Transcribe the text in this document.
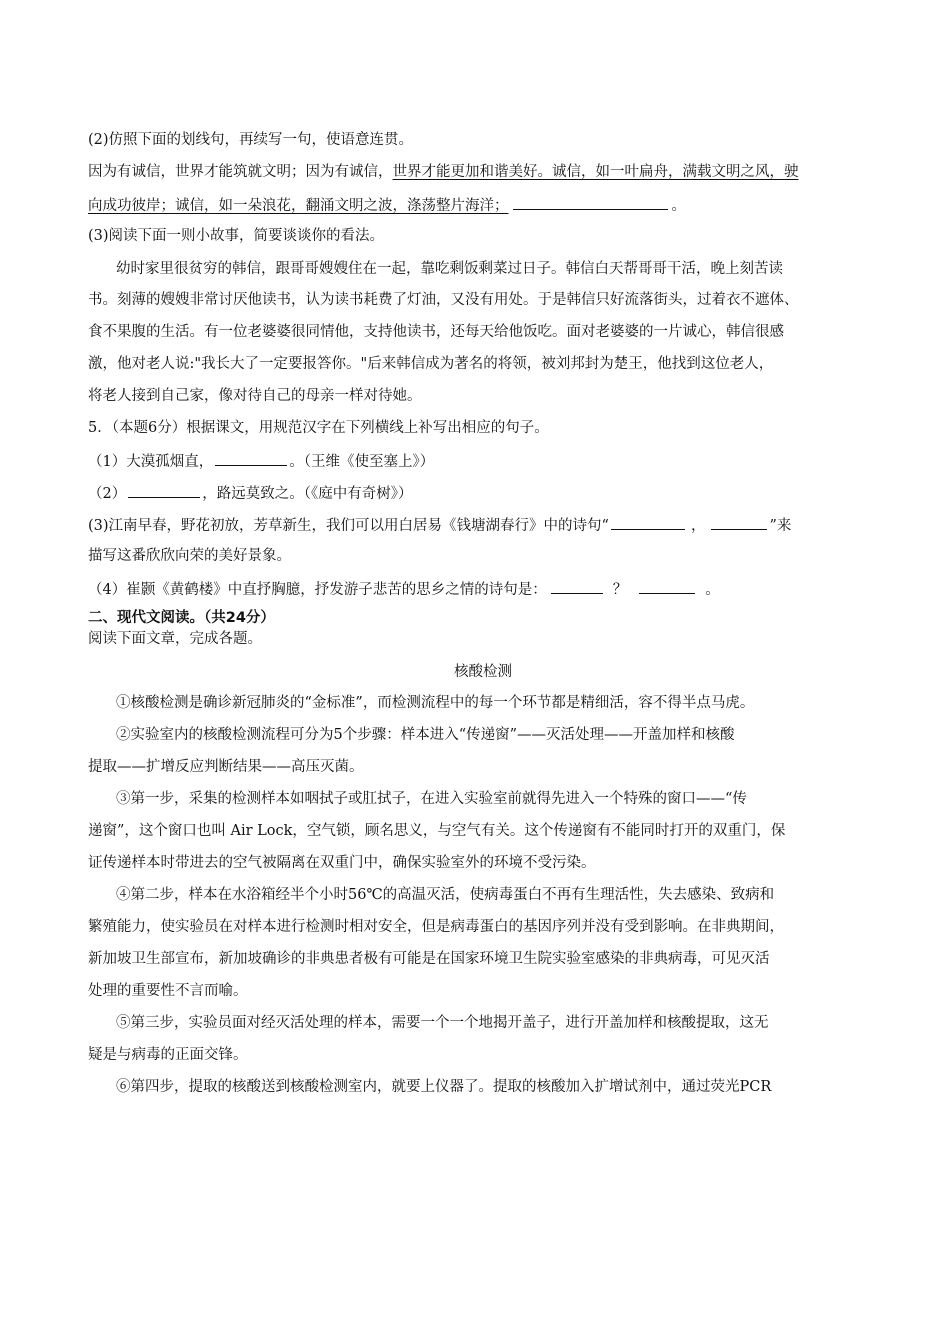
(2)仿照下面的划线句，再续写一句，使语意连贯。
因为有诚信，世界才能筑就文明；因为有诚信，世界才能更加和谐美好。诚信，如一叶扁舟，满载文明之风，驶
向成功彼岸；诚信，如一朵浪花，翻涌文明之波，涤荡整片海洋；	。
(3)阅读下面一则小故事，简要谈谈你的看法。
幼时家里很贫穷的韩信，跟哥哥嫂嫂住在一起，靠吃剩饭剩菜过日子。韩信白天帮哥哥干活，晚上刻苦读
书。刻薄的嫂嫂非常讨厌他读书，认为读书耗费了灯油，又没有用处。于是韩信只好流落街头，过着衣不遮体、
食不果腹的生活。有一位老婆婆很同情他，支持他读书，还每天给他饭吃。面对老婆婆的一片诚心，韩信很感
激，他对老人说:"我长大了一定要报答你。"后来韩信成为著名的将领，被刘邦封为楚王，他找到这位老人，
将老人接到自己家，像对待自己的母亲一样对待她。
5．（本题6分）根据课文，用规范汉字在下列横线上补写出相应的句子。
（1）大漠孤烟直，	。（王维《使至塞上》）
（2）	，路远莫致之。（《庭中有奇树》）
(3)江南早春，野花初放，芳草新生，我们可以用白居易《钱塘湖春行》中的诗句“	，	”来
描写这番欣欣向荣的美好景象。
（4）崔颢《黄鹤楼》中直抒胸臆，抒发游子悲苦的思乡之情的诗句是：	？	。
二、现代文阅读。（共24分）
阅读下面文章，完成各题。
核酸检测
①核酸检测是确诊新冠肺炎的“金标准”，而检测流程中的每一个环节都是精细活，容不得半点马虎。
②实验室内的核酸检测流程可分为5个步骤：样本进入“传递窗”——灭活处理——开盖加样和核酸
提取——扩增反应判断结果——高压灭菌。
③第一步，采集的检测样本如咽拭子或肛拭子，在进入实验室前就得先进入一个特殊的窗口——“传
递窗”，这个窗口也叫 Air Lock，空气锁，顾名思义，与空气有关。这个传递窗有不能同时打开的双重门，保
证传递样本时带进去的空气被隔离在双重门中，确保实验室外的环境不受污染。
④第二步，样本在水浴箱经半个小时56℃的高温灭活，使病毒蛋白不再有生理活性，失去感染、致病和
繁殖能力，使实验员在对样本进行检测时相对安全，但是病毒蛋白的基因序列并没有受到影响。在非典期间，
新加坡卫生部宣布，新加坡确诊的非典患者极有可能是在国家环境卫生院实验室感染的非典病毒，可见灭活
处理的重要性不言而喻。
⑤第三步，实验员面对经灭活处理的样本，需要一个一个地揭开盖子，进行开盖加样和核酸提取，这无
疑是与病毒的正面交锋。
⑥第四步，提取的核酸送到核酸检测室内，就要上仪器了。提取的核酸加入扩增试剂中，通过荧光PCR
